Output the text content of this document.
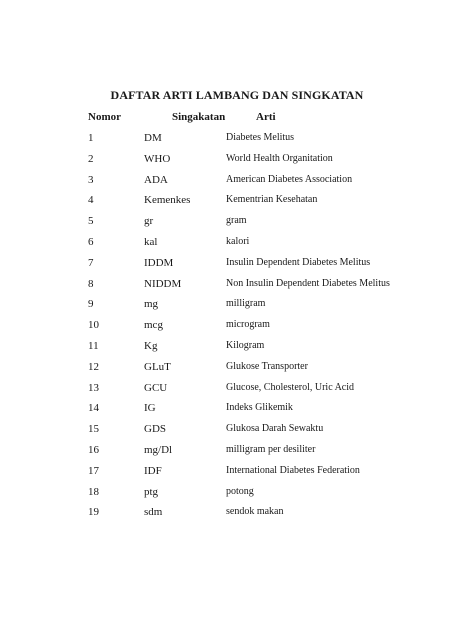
DAFTAR ARTI LAMBANG DAN SINGKATAN
Nomor	Singakatan	Arti
1	DM	Diabetes Melitus
2	WHO	World Health Organitation
3	ADA	American Diabetes Association
4	Kemenkes	Kementrian Kesehatan
5	gr	gram
6	kal	kalori
7	IDDM	Insulin Dependent Diabetes Melitus
8	NIDDM	Non Insulin Dependent Diabetes Melitus
9	mg	milligram
10	mcg	microgram
11	Kg	Kilogram
12	GLuT	Glukose Transporter
13	GCU	Glucose, Cholesterol, Uric Acid
14	IG	Indeks Glikemik
15	GDS	Glukosa Darah Sewaktu
16	mg/Dl	milligram per desiliter
17	IDF	International Diabetes Federation
18	ptg	potong
19	sdm	sendok makan
